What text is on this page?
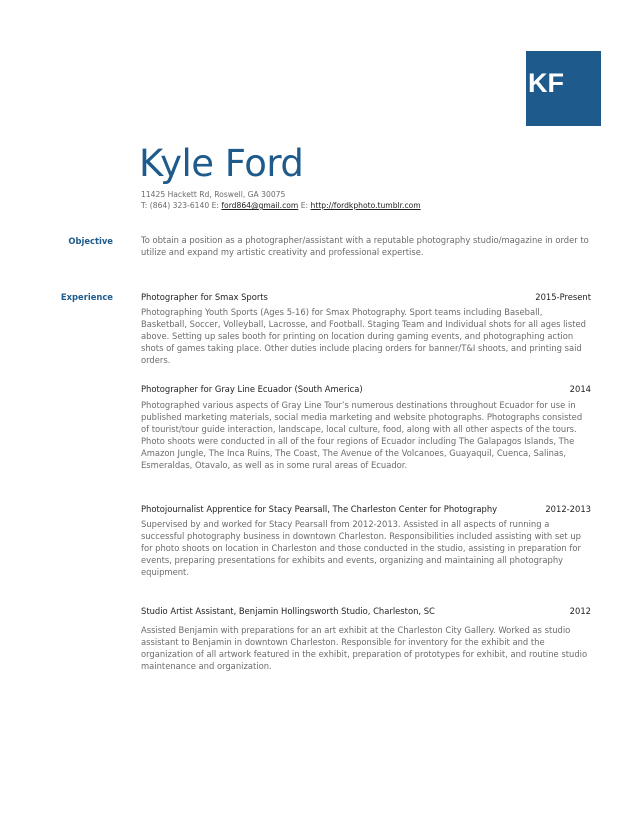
KF
Kyle Ford
11425 Hackett Rd, Roswell, GA 30075
T: (864) 323-6140 E: ford864@gmail.com E: http://fordkphoto.tumblr.com
Objective	To obtain a position as a photographer/assistant with a reputable photography studio/magazine in order to utilize and expand my artistic creativity and professional expertise.
Experience	Photographer for Smax Sports	2015-Present
Photographing Youth Sports (Ages 5-16) for Smax Photography. Sport teams including Baseball, Basketball, Soccer, Volleyball, Lacrosse, and Football. Staging Team and Individual shots for all ages listed above. Setting up sales booth for printing on location during gaming events, and photographing action shots of games taking place. Other duties include placing orders for banner/T&I shoots, and printing said orders.
Photographer for Gray Line Ecuador (South America)	2014
Photographed various aspects of Gray Line Tour’s numerous destinations throughout Ecuador for use in published marketing materials, social media marketing and website photographs. Photographs consisted of tourist/tour guide interaction, landscape, local culture, food, along with all other aspects of the tours. Photo shoots were conducted in all of the four regions of Ecuador including The Galapagos Islands, The Amazon Jungle, The Inca Ruins, The Coast, The Avenue of the Volcanoes, Guayaquil, Cuenca, Salinas, Esmeraldas, Otavalo, as well as in some rural areas of Ecuador.
Photojournalist Apprentice for Stacy Pearsall, The Charleston Center for Photography	2012-2013
Supervised by and worked for Stacy Pearsall from 2012-2013. Assisted in all aspects of running a successful photography business in downtown Charleston. Responsibilities included assisting with set up for photo shoots on location in Charleston and those conducted in the studio, assisting in preparation for events, preparing presentations for exhibits and events, organizing and maintaining all photography equipment.
Studio Artist Assistant, Benjamin Hollingsworth Studio, Charleston, SC	2012
Assisted Benjamin with preparations for an art exhibit at the Charleston City Gallery. Worked as studio assistant to Benjamin in downtown Charleston. Responsible for inventory for the exhibit and the organization of all artwork featured in the exhibit, preparation of prototypes for exhibit, and routine studio maintenance and organization.
